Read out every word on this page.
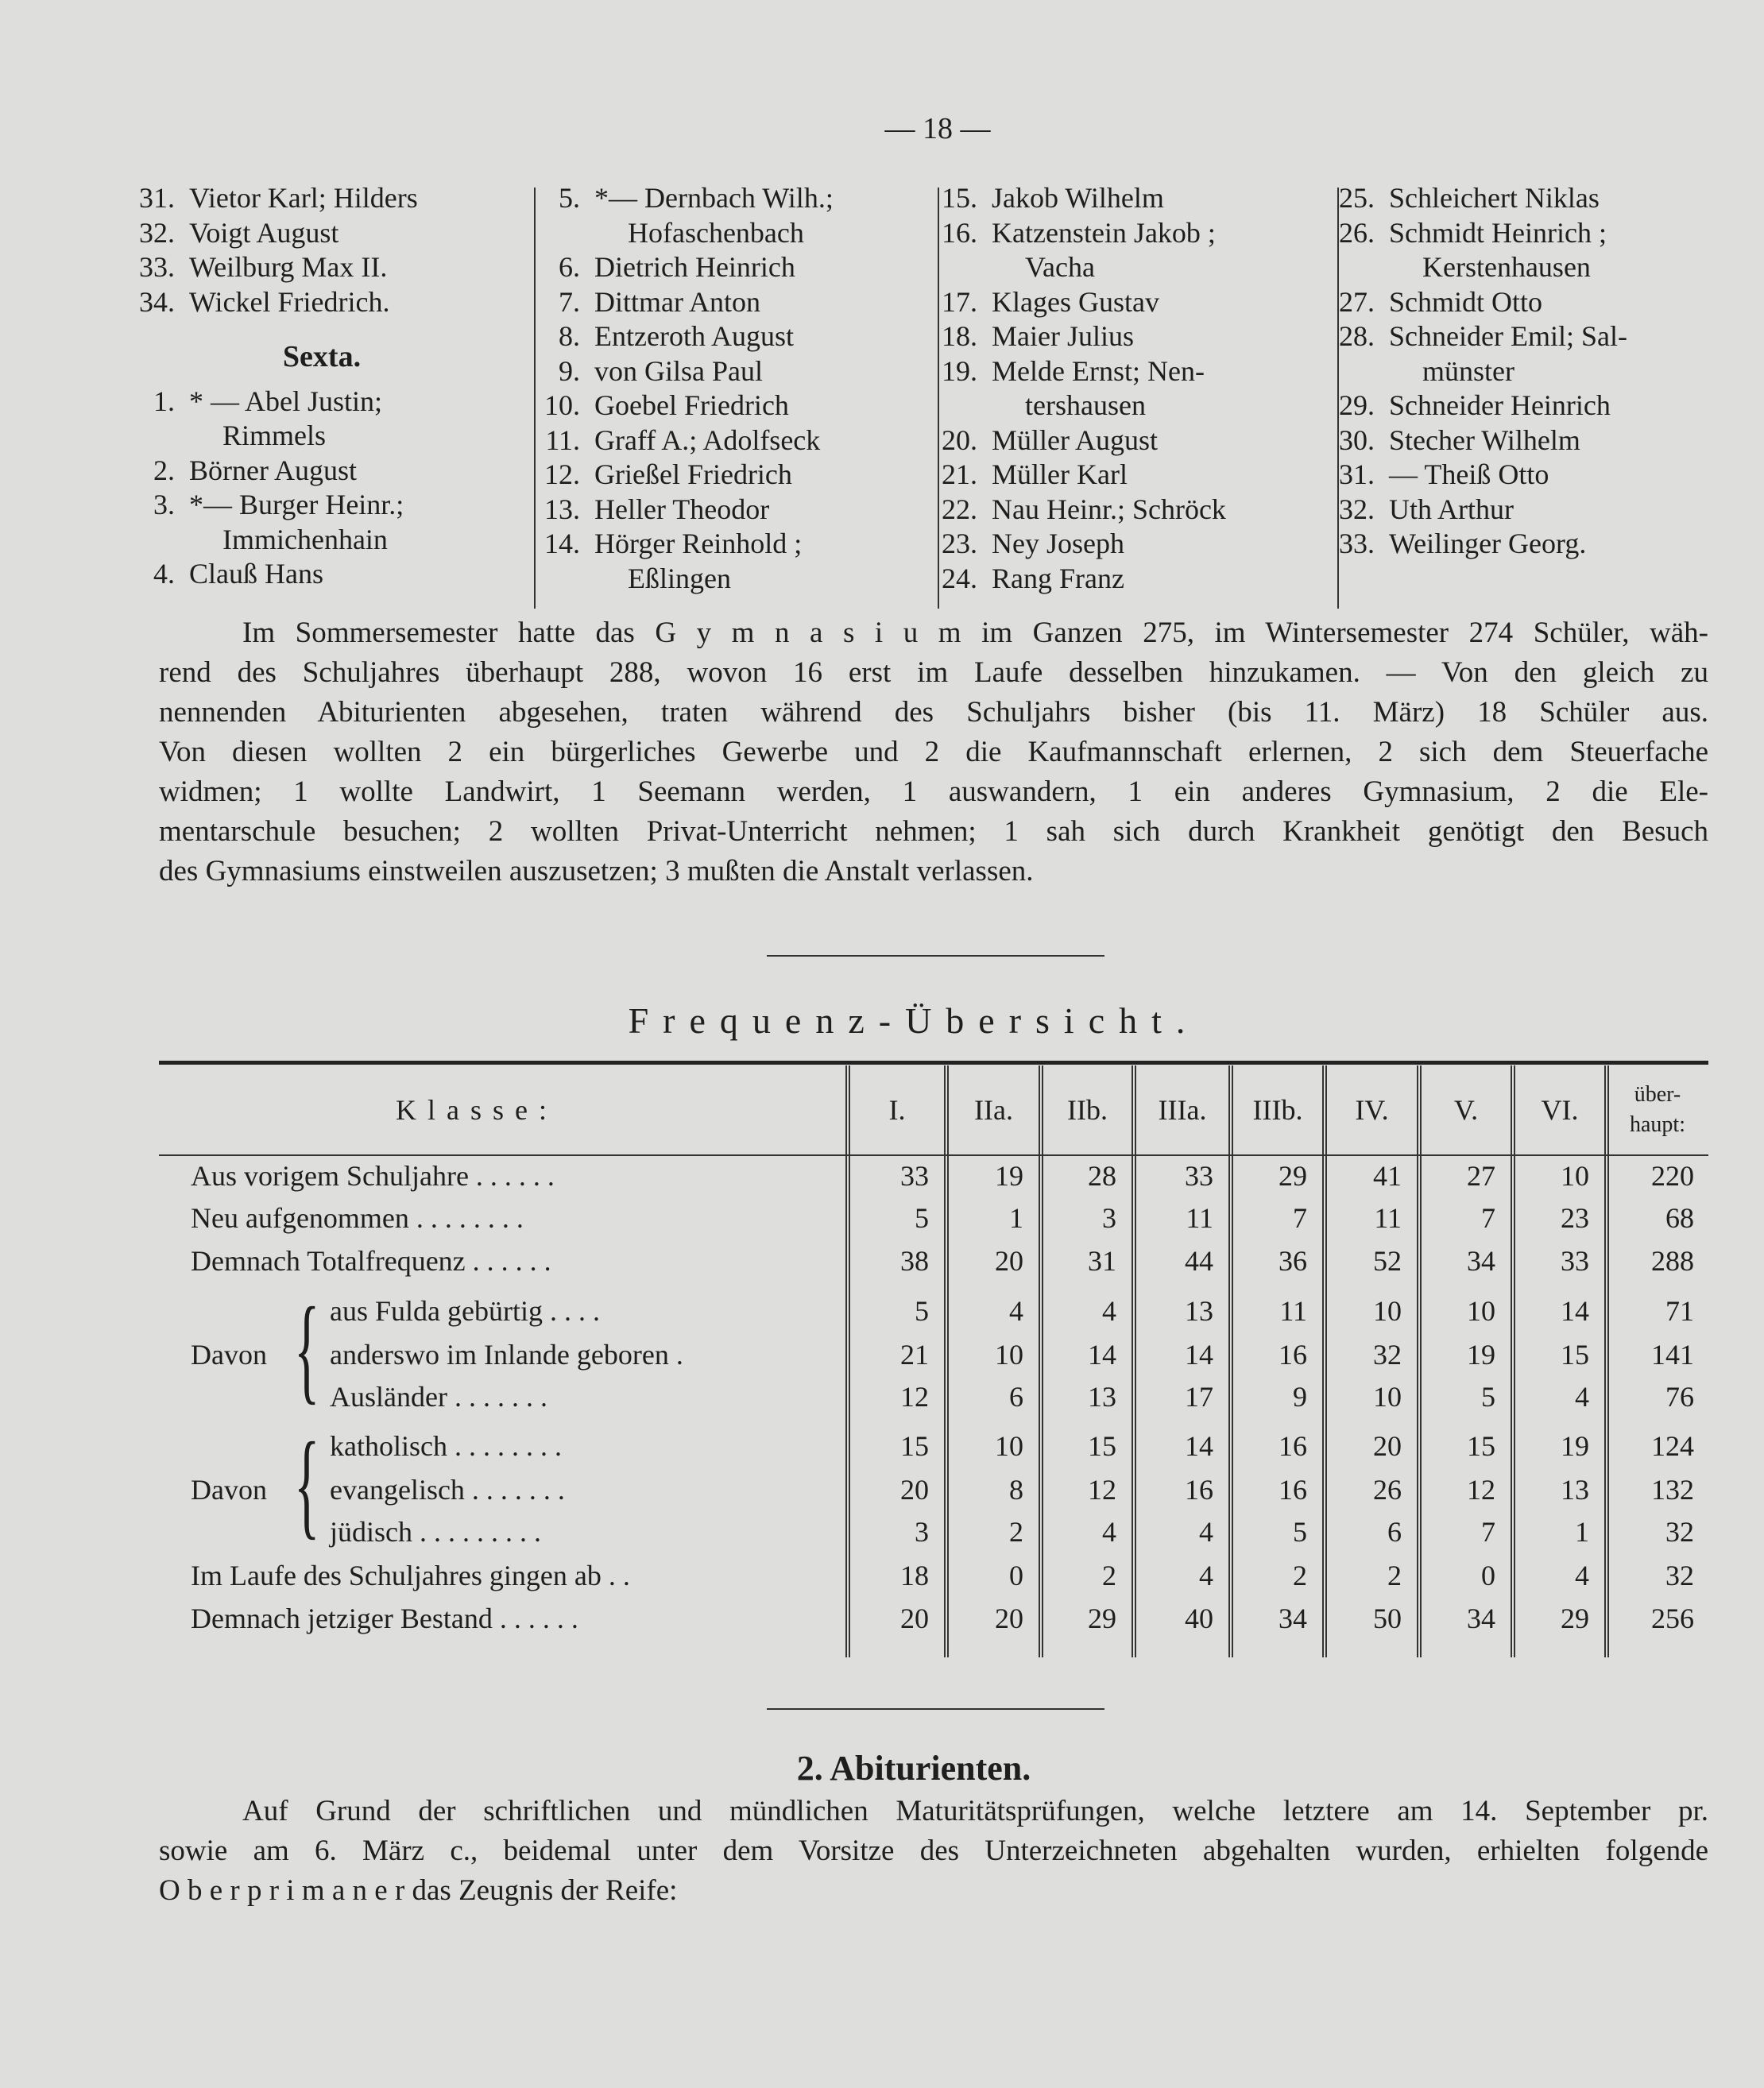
— 18 —
31. Vietor Karl; Hilders
32. Voigt August
33. Weilburg Max II.
34. Wickel Friedrich.
Sexta.
1. * — Abel Justin;
Rimmels
2. Börner August
3. *— Burger Heinr.;
Immichenhain
4. Clauß Hans
5. *— Dernbach Wilh.;
Hofaschenbach
6. Dietrich Heinrich
7. Dittmar Anton
8. Entzeroth August
9. von Gilsa Paul
10. Goebel Friedrich
11. Graff A.; Adolfseck
12. Grießel Friedrich
13. Heller Theodor
14. Hörger Reinhold ;
Eßlingen
15. Jakob Wilhelm
16. Katzenstein Jakob ;
Vacha
17. Klages Gustav
18. Maier Julius
19. Melde Ernst; Nen-
tershausen
20. Müller August
21. Müller Karl
22. Nau Heinr.; Schröck
23. Ney Joseph
24. Rang Franz
25. Schleichert Niklas
26. Schmidt Heinrich ;
Kerstenhausen
27. Schmidt Otto
28. Schneider Emil; Sal-
münster
29. Schneider Heinrich
30. Stecher Wilhelm
31. — Theiß Otto
32. Uth Arthur
33. Weilinger Georg.
Im Sommersemester hatte das G y m n a s i u m im Ganzen 275, im Wintersemester 274 Schüler, wäh-
rend des Schuljahres überhaupt 288, wovon 16 erst im Laufe desselben hinzukamen. — Von den gleich zu
nennenden Abiturienten abgesehen, traten während des Schuljahrs bisher (bis 11. März) 18 Schüler aus.
Von diesen wollten 2 ein bürgerliches Gewerbe und 2 die Kaufmannschaft erlernen, 2 sich dem Steuerfache
widmen; 1 wollte Landwirt, 1 Seemann werden, 1 auswandern, 1 ein anderes Gymnasium, 2 die Ele-
mentarschule besuchen; 2 wollten Privat-Unterricht nehmen; 1 sah sich durch Krankheit genötigt den Besuch
des Gymnasiums einstweilen auszusetzen; 3 mußten die Anstalt verlassen.
Frequenz-Übersicht.
Klasse:	I.	IIa.	IIb.	IIIa.	IIIb.	IV.	V.	VI.	über-
haupt:
Aus vorigem Schuljahre . . . . . .	33	19	28	33	29	41	27	10	220
Neu aufgenommen . . . . . . . .	5	1	3	11	7	11	7	23	68
Demnach Totalfrequenz . . . . . .	38	20	31	44	36	52	34	33	288
aus Fulda gebürtig . . . .	5	4	4	13	11	10	10	14	71
anderswo im Inlande geboren .	21	10	14	14	16	32	19	15	141
Ausländer . . . . . . .	12	6	13	17	9	10	5	4	76
katholisch . . . . . . . .	15	10	15	14	16	20	15	19	124
evangelisch . . . . . . .	20	8	12	16	16	26	12	13	132
jüdisch . . . . . . . . .	3	2	4	4	5	6	7	1	32
Im Laufe des Schuljahres gingen ab . .	18	0	2	4	2	2	0	4	32
Demnach jetziger Bestand . . . . . .	20	20	29	40	34	50	34	29	256
Davon {
Davon {
2. Abiturienten.
Auf Grund der schriftlichen und mündlichen Maturitätsprüfungen, welche letztere am 14. September pr.
sowie am 6. März c., beidemal unter dem Vorsitze des Unterzeichneten abgehalten wurden, erhielten folgende
O b e r p r i m a n e r das Zeugnis der Reife:
